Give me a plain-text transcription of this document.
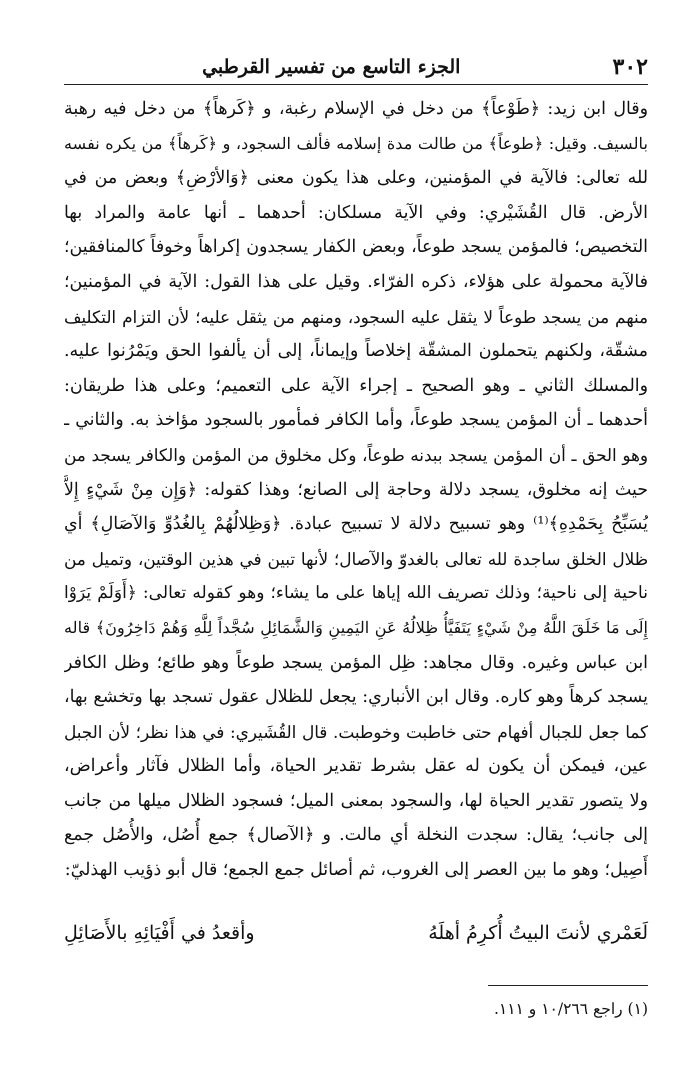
٣٠٢
الجزء التاسع من تفسير القرطبي
وقال ابن زيد: ﴿طَوْعاً﴾ من دخل في الإسلام رغبة، و ﴿كَرهاً﴾ من دخل فيه رهبة
بالسيف. وقيل: ﴿طوعاً﴾ من طالت مدة إسلامه فألف السجود، و ﴿كَرهاً﴾ من يكره نفسه
لله تعالى: فالآية في المؤمنين، وعلى هذا يكون معنى ﴿وَالأرْضِ﴾ وبعض من في
الأرض. قال القُشَيْري: وفي الآية مسلكان: أحدهما ـ أنها عامة والمراد بها
التخصيص؛ فالمؤمن يسجد طوعاً، وبعض الكفار يسجدون إكراهاً وخوفاً كالمنافقين؛
فالآية محمولة على هؤلاء، ذكره الفرّاء. وقيل على هذا القول: الآية في المؤمنين؛
منهم من يسجد طوعاً لا يثقل عليه السجود، ومنهم من يثقل عليه؛ لأن التزام التكليف
مشقّة، ولكنهم يتحملون المشقّة إخلاصاً وإيماناً، إلى أن يألفوا الحق ويَمْرُنوا عليه.
والمسلك الثاني ـ وهو الصحيح ـ إجراء الآية على التعميم؛ وعلى هذا طريقان:
أحدهما ـ أن المؤمن يسجد طوعاً، وأما الكافر فمأمور بالسجود مؤاخذ به. والثاني ـ
وهو الحق ـ أن المؤمن يسجد ببدنه طوعاً، وكل مخلوق من المؤمن والكافر يسجد من
حيث إنه مخلوق، يسجد دلالة وحاجة إلى الصانع؛ وهذا كقوله: ﴿وَإِن مِنْ شَيْءٍ إِلاَّ
يُسَبِّحُ بِحَمْدِهِ﴾⁽¹⁾ وهو تسبيح دلالة لا تسبيح عبادة. ﴿وَظِلالُهُمْ بِالغُدُوِّ وَالآصَالِ﴾ أي
ظلال الخلق ساجدة لله تعالى بالغدوّ والآصال؛ لأنها تبين في هذين الوقتين، وتميل من
ناحية إلى ناحية؛ وذلك تصريف الله إياها على ما يشاء؛ وهو كقوله تعالى: ﴿أَوَلَمْ يَرَوْا
إِلَى مَا خَلَقَ اللَّهُ مِنْ شَيْءٍ يَتَفَيَّأُ ظِلالُهُ عَنِ اليَمِينِ وَالشَّمَائِلِ سُجَّداً لِلَّهِ وَهُمْ دَاخِرُونَ﴾ قاله
ابن عباس وغيره. وقال مجاهد: ظِل المؤمن يسجد طوعاً وهو طائع؛ وظل الكافر
يسجد كرهاً وهو كاره. وقال ابن الأنباري: يجعل للظلال عقول تسجد بها وتخشع بها،
كما جعل للجبال أفهام حتى خاطبت وخوطبت. قال القُشَيري: في هذا نظر؛ لأن الجبل
عين، فيمكن أن يكون له عقل بشرط تقدير الحياة، وأما الظلال فآثار وأعراض،
ولا يتصور تقدير الحياة لها، والسجود بمعنى الميل؛ فسجود الظلال ميلها من جانب
إلى جانب؛ يقال: سجدت النخلة أي مالت. و ﴿الآصال﴾ جمع أُصُل، والأُصُل جمع
أَصِيل؛ وهو ما بين العصر إلى الغروب، ثم أصائل جمع الجمع؛ قال أبو ذؤيب الهذليّ:
لَعَمْري لأنتَ البيتُ أُكرِمُ أهلَهُ
وأقعدُ في أَفْيَائِهِ بالأَصَائِلِ
(١) راجع ١٠/٢٦٦ و ١١١.
